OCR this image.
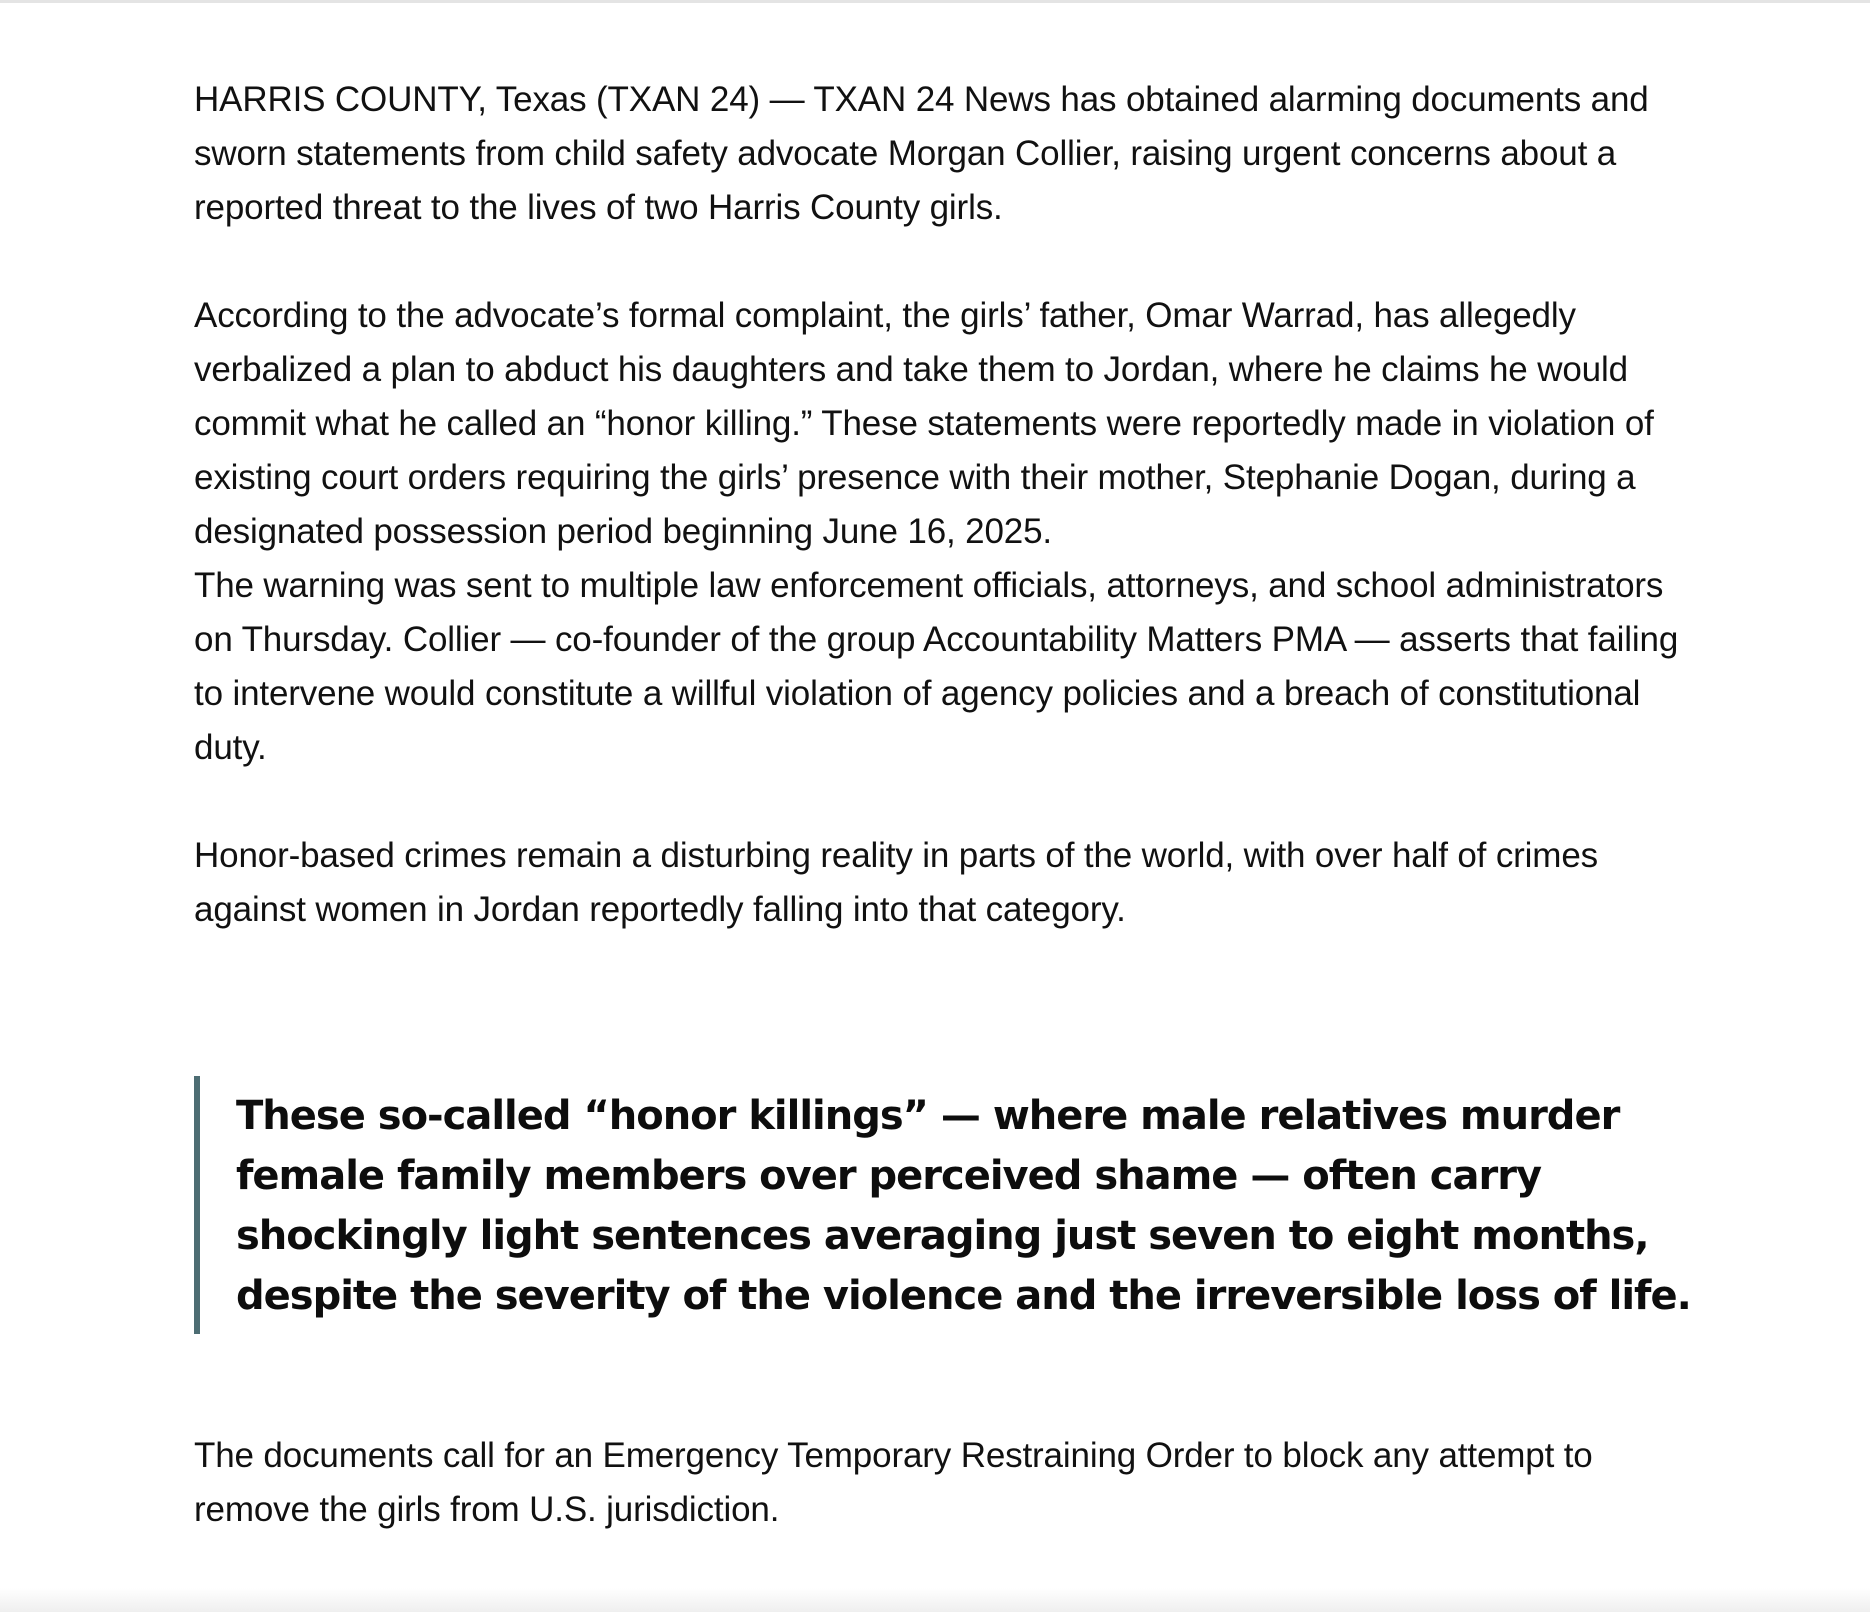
HARRIS COUNTY, Texas (TXAN 24) — TXAN 24 News has obtained alarming documents and sworn statements from child safety advocate Morgan Collier, raising urgent concerns about a reported threat to the lives of two Harris County girls.

According to the advocate’s formal complaint, the girls’ father, Omar Warrad, has allegedly verbalized a plan to abduct his daughters and take them to Jordan, where he claims he would commit what he called an “honor killing.” These statements were reportedly made in violation of existing court orders requiring the girls’ presence with their mother, Stephanie Dogan, during a designated possession period beginning June 16, 2025.

The warning was sent to multiple law enforcement officials, attorneys, and school administrators on Thursday. Collier — co-founder of the group Accountability Matters PMA — asserts that failing to intervene would constitute a willful violation of agency policies and a breach of constitutional duty.

Honor-based crimes remain a disturbing reality in parts of the world, with over half of crimes against women in Jordan reportedly falling into that category.

These so-called “honor killings” — where male relatives murder female family members over perceived shame — often carry shockingly light sentences averaging just seven to eight months, despite the severity of the violence and the irreversible loss of life.

The documents call for an Emergency Temporary Restraining Order to block any attempt to remove the girls from U.S. jurisdiction.
